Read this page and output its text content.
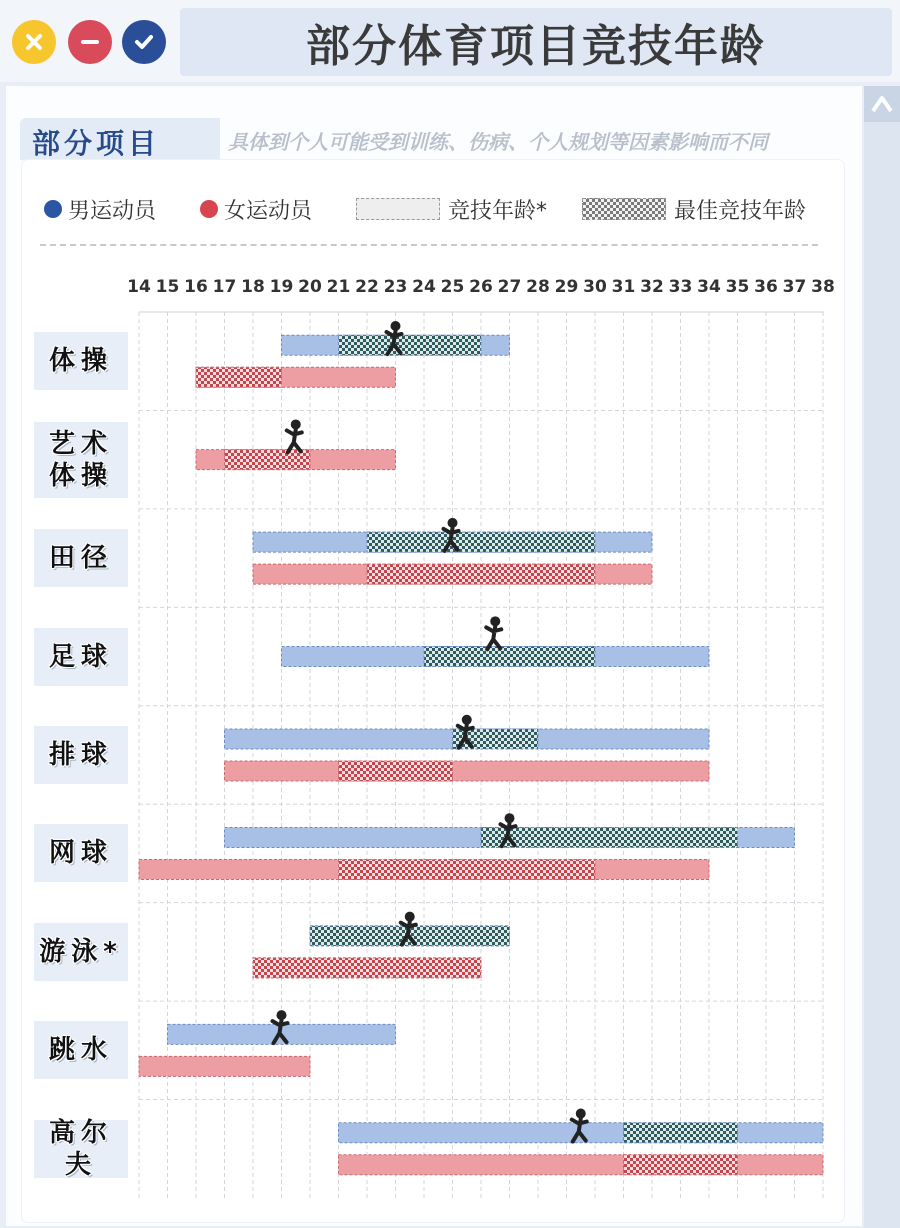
部分体育项目竞技年龄
部分项目	具体到个人可能受到训练、伤病、个人规划等因素影响而不同
男运动员	女运动员	竞技年龄*	最佳竞技年龄
体操
艺术体操
田径
足球
排球
网球
游泳*
跳水
高尔夫
14 15 16 17 18 19 20 21 22 23 24 25 26 27 28 29 30 31 32 33 34 35 36 37 38
